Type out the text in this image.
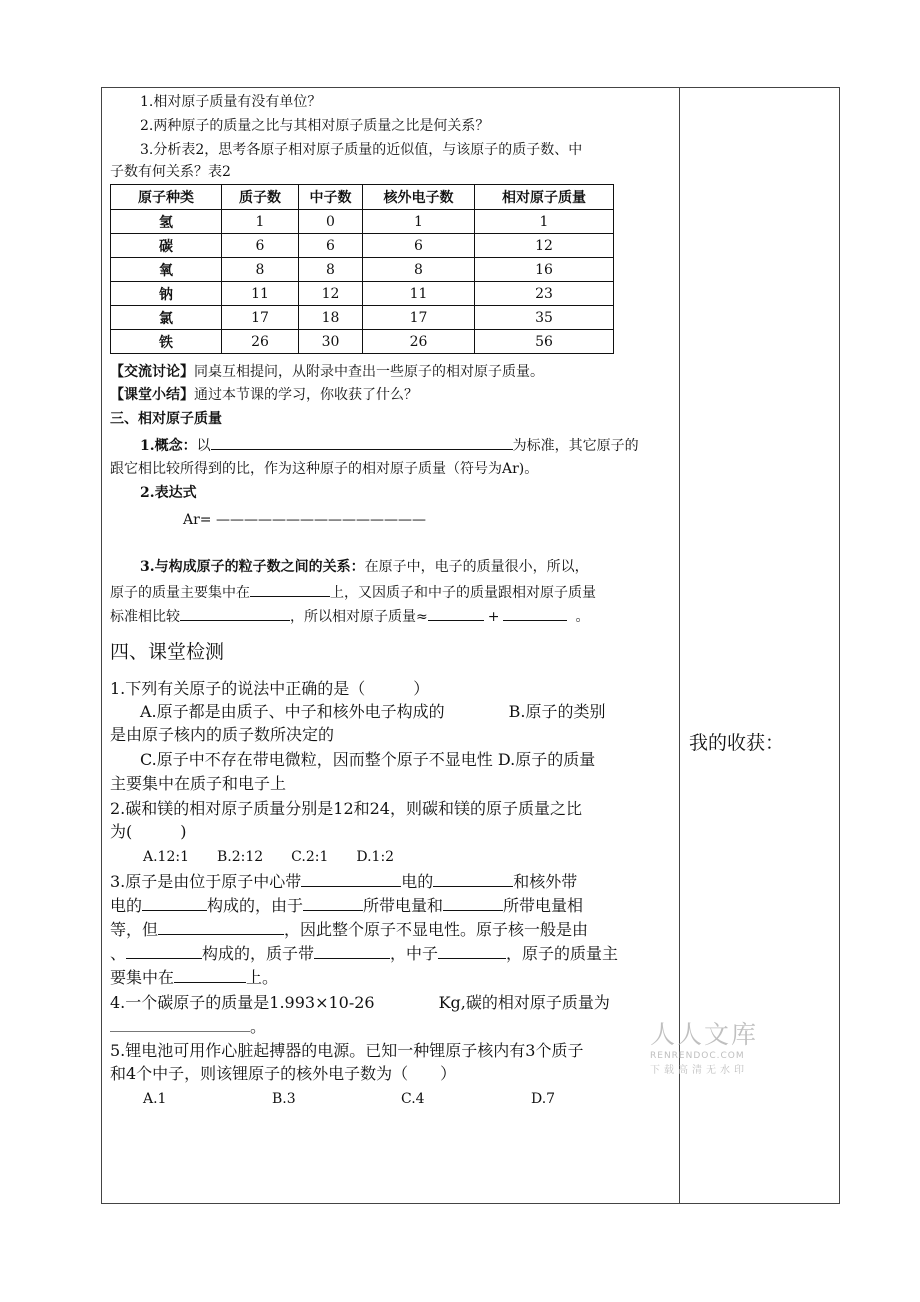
1.相对原子质量有没有单位？
2.两种原子的质量之比与其相对原子质量之比是何关系？
3.分析表2，思考各原子相对原子质量的近似值，与该原子的质子数、中
子数有何关系？表2
原子种类	质子数	中子数	核外电子数	相对原子质量
氢	1	0	1	1
碳	6	6	6	12
氧	8	8	8	16
钠	11	12	11	23
氯	17	18	17	35
铁	26	30	26	56
【交流讨论】同桌互相提问，从附录中查出一些原子的相对原子质量。
【课堂小结】通过本节课的学习，你收获了什么？
三、相对原子质量
1.概念：以	为标准，其它原子的
跟它相比较所得到的比，作为这种原子的相对原子质量（符号为Ar)。
2.表达式
Ar= ———————————————
3.与构成原子的粒子数之间的关系：在原子中，电子的质量很小，所以，
原子的质量主要集中在	上，又因质子和中子的质量跟相对原子质量
标准相比较	，所以相对原子质量≈	+	。
四、课堂检测
1.下列有关原子的说法中正确的是（　　　）
A.原子都是由质子、中子和核外电子构成的　　　　B.原子的类别
是由原子核内的质子数所决定的
C.原子中不存在带电微粒，因而整个原子不显电性 D.原子的质量
主要集中在质子和电子上
2.碳和镁的相对原子质量分别是12和24，则碳和镁的原子质量之比
为(　　　)
A.12:1　　B.2:12　　C.2:1　　D.1:2
3.原子是由位于原子中心带	电的	和核外带
电的	构成的，由于	所带电量和	所带电量相
等，但	，因此整个原子不显电性。原子核一般是由
、	构成的，质子带	，中子	，原子的质量主
要集中在	上。
4.一个碳原子的质量是1.993×10-26　　　　Kg,碳的相对原子质量为
。
5.锂电池可用作心脏起搏器的电源。已知一种锂原子核内有3个质子
和4个中子，则该锂原子的核外电子数为（　　）
A.1	B.3	C.4	D.7
我的收获：
人人文库
RENRENDOC.COM
下载高清无水印
